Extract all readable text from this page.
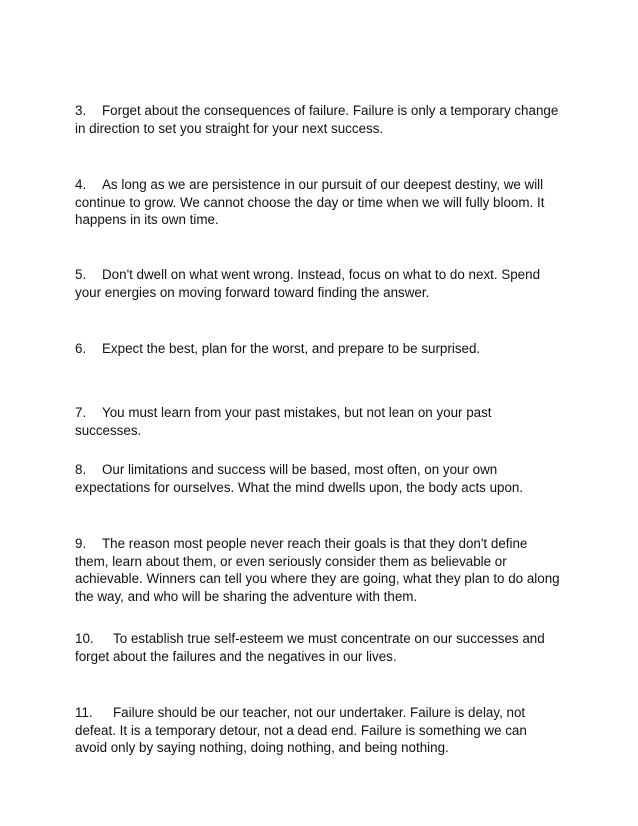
3. Forget about the consequences of failure. Failure is only a temporary change in direction to set you straight for your next success.
4. As long as we are persistence in our pursuit of our deepest destiny, we will continue to grow. We cannot choose the day or time when we will fully bloom. It happens in its own time.
5. Don't dwell on what went wrong. Instead, focus on what to do next. Spend your energies on moving forward toward finding the answer.
6. Expect the best, plan for the worst, and prepare to be surprised.
7. You must learn from your past mistakes, but not lean on your past successes.
8. Our limitations and success will be based, most often, on your own expectations for ourselves. What the mind dwells upon, the body acts upon.
9. The reason most people never reach their goals is that they don't define them, learn about them, or even seriously consider them as believable or achievable. Winners can tell you where they are going, what they plan to do along the way, and who will be sharing the adventure with them.
10. To establish true self-esteem we must concentrate on our successes and forget about the failures and the negatives in our lives.
11. Failure should be our teacher, not our undertaker. Failure is delay, not defeat. It is a temporary detour, not a dead end. Failure is something we can avoid only by saying nothing, doing nothing, and being nothing.
